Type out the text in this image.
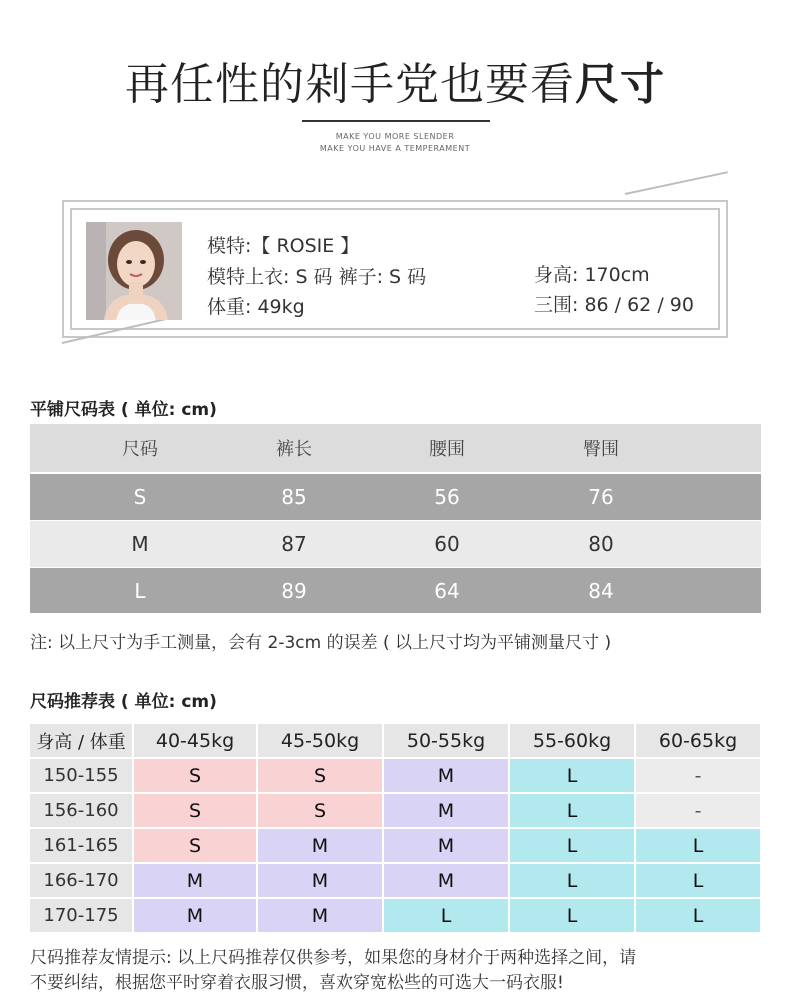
再任性的剁手党也要看尺寸
MAKE YOU MORE SLENDER
MAKE YOU HAVE A TEMPERAMENT
模特:【 ROSIE 】
模特上衣: S 码 裤子: S 码
体重: 49kg
身高: 170cm
三围: 86 / 62 / 90
平铺尺码表 ( 单位: cm)
尺码	裤长	腰围	臀围
S	85	56	76
M	87	60	80
L	89	64	84
注: 以上尺寸为手工测量，会有 2-3cm 的误差 ( 以上尺寸均为平铺测量尺寸 )
尺码推荐表 ( 单位: cm)
身高 / 体重	40-45kg	45-50kg	50-55kg	55-60kg	60-65kg
150-155	S	S	M	L	-
156-160	S	S	M	L	-
161-165	S	M	M	L	L
166-170	M	M	M	L	L
170-175	M	M	L	L	L
尺码推荐友情提示: 以上尺码推荐仅供参考，如果您的身材介于两种选择之间，请
不要纠结，根据您平时穿着衣服习惯，喜欢穿宽松些的可选大一码衣服!
